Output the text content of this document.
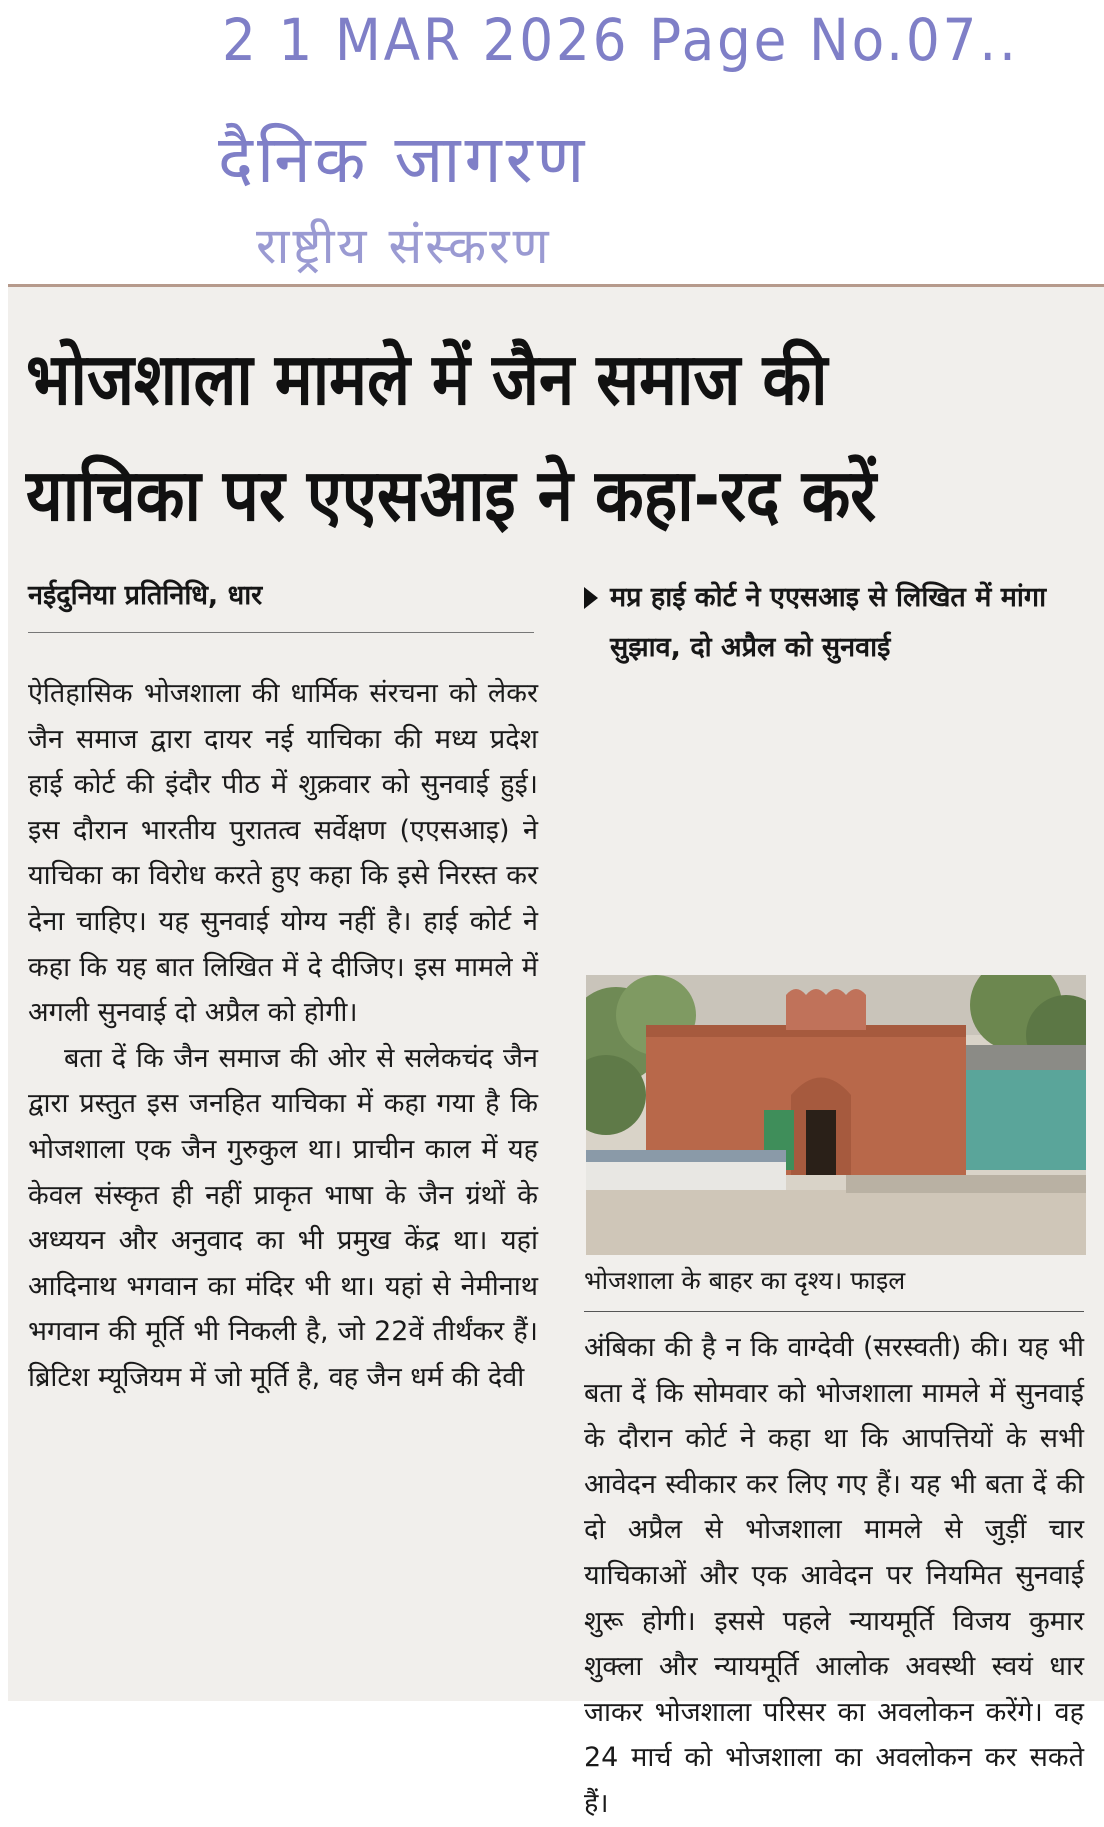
2 1 MAR 2026 Page No.07..
दैनिक जागरण
राष्ट्रीय संस्करण
भोजशाला मामले में जैन समाज की
याचिका पर एएसआइ ने कहा-रद करें
नईदुनिया प्रतिनिधि, धार

ऐतिहासिक भोजशाला की धार्मिक संरचना को लेकर जैन समाज द्वारा दायर नई याचिका की मध्य प्रदेश हाई कोर्ट की इंदौर पीठ में शुक्रवार को सुनवाई हुई। इस दौरान भारतीय पुरातत्व सर्वेक्षण (एएसआइ) ने याचिका का विरोध करते हुए कहा कि इसे निरस्त कर देना चाहिए। यह सुनवाई योग्य नहीं है। हाई कोर्ट ने कहा कि यह बात लिखित में दे दीजिए। इस मामले में अगली सुनवाई दो अप्रैल को होगी।

बता दें कि जैन समाज की ओर से सलेकचंद जैन द्वारा प्रस्तुत इस जनहित याचिका में कहा गया है कि भोजशाला एक जैन गुरुकुल था। प्राचीन काल में यह केवल संस्कृत ही नहीं प्राकृत भाषा के जैन ग्रंथों के अध्ययन और अनुवाद का भी प्रमुख केंद्र था। यहां आदिनाथ भगवान का मंदिर भी था। यहां से नेमीनाथ भगवान की मूर्ति भी निकली है, जो 22वें तीर्थंकर हैं। ब्रिटिश म्यूजियम में जो मूर्ति है, वह जैन धर्म की देवी

मप्र हाई कोर्ट ने एएसआइ से लिखित में मांगा सुझाव, दो अप्रैल को सुनवाई
भोजशाला के बाहर का दृश्य। फाइल

अंबिका की है न कि वाग्देवी (सरस्वती) की। यह भी बता दें कि सोमवार को भोजशाला मामले में सुनवाई के दौरान कोर्ट ने कहा था कि आपत्तियों के सभी आवेदन स्वीकार कर लिए गए हैं। यह भी बता दें की दो अप्रैल से भोजशाला मामले से जुड़ीं चार याचिकाओं और एक आवेदन पर नियमित सुनवाई शुरू होगी। इससे पहले न्यायमूर्ति विजय कुमार शुक्ला और न्यायमूर्ति आलोक अवस्थी स्वयं धार जाकर भोजशाला परिसर का अवलोकन करेंगे। वह 24 मार्च को भोजशाला का अवलोकन कर सकते हैं।
